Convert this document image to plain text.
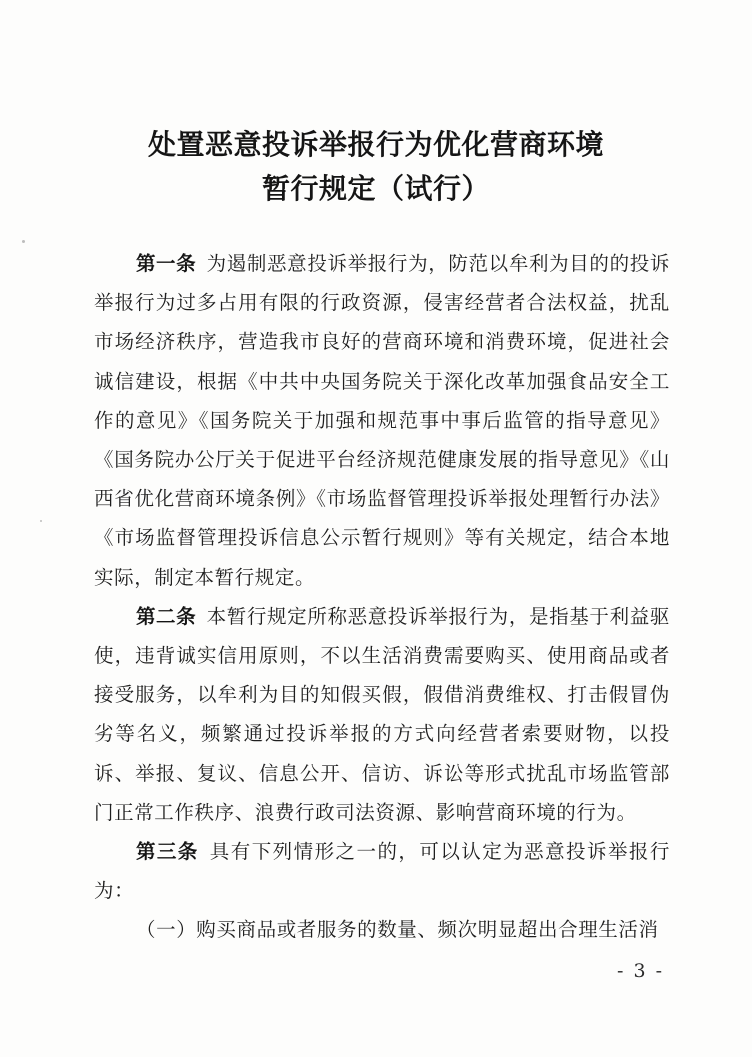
处置恶意投诉举报行为优化营商环境
暂行规定（试行）

第一条  为遏制恶意投诉举报行为，防范以牟利为目的的投诉举报行为过多占用有限的行政资源，侵害经营者合法权益，扰乱市场经济秩序，营造我市良好的营商环境和消费环境，促进社会诚信建设，根据《中共中央国务院关于深化改革加强食品安全工作的意见》《国务院关于加强和规范事中事后监管的指导意见》《国务院办公厅关于促进平台经济规范健康发展的指导意见》《山西省优化营商环境条例》《市场监督管理投诉举报处理暂行办法》《市场监督管理投诉信息公示暂行规则》等有关规定，结合本地实际，制定本暂行规定。

第二条  本暂行规定所称恶意投诉举报行为，是指基于利益驱使，违背诚实信用原则，不以生活消费需要购买、使用商品或者接受服务，以牟利为目的知假买假，假借消费维权、打击假冒伪劣等名义，频繁通过投诉举报的方式向经营者索要财物，以投诉、举报、复议、信息公开、信访、诉讼等形式扰乱市场监管部门正常工作秩序、浪费行政司法资源、影响营商环境的行为。

第三条  具有下列情形之一的，可以认定为恶意投诉举报行为：

（一）购买商品或者服务的数量、频次明显超出合理生活消

- 3 -
